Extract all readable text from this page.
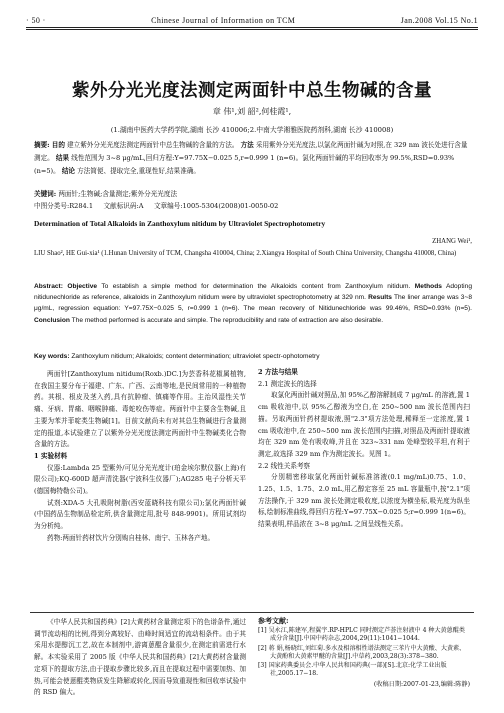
· 50 ·	Chinese Journal of Information on TCM	Jan.2008 Vol.15 No.1
紫外分光光度法测定两面针中总生物碱的含量
章 伟¹,刘 韶²,何桂霞¹,
(1.湖南中医药大学药学院,湖南 长沙 410006;2.中南大学湘雅医院药剂科,湖南 长沙 410008)
摘要: 目的 建立紫外分光光度法测定两面针中总生物碱的含量的方法。 方法 采用紫外分光光度法,以氯化两面针碱为对照,在 329 nm 波长处进行含量测定。 结果 线性范围为 3~8 μg/mL,回归方程:Y=97.75X−0.025 5,r=0.999 1 (n=6)。氯化两面针碱的平均回收率为 99.5%,RSD=0.93%(n=5)。 结论 方法简便、提取完全,重现性好,结果准确。
关键词: 两面针;生物碱;含量测定;紫外分光光度法
中图分类号:R284.1 文献标识码:A 文章编号:1005-5304(2008)01-0050-02
Determination of Total Alkaloids in Zanthoxylum nitidum by Ultraviolet Spectrophotometry
ZHANG Wei¹,
LIU Shao², HE Gui-xia¹ (1.Hunan University of TCM, Changsha 410004, China; 2.Xiangya Hospital of South China University, Changsha 410008, China)
Abstract: Objective To establish a simple method for determination the Alkaloids content from Zanthoxylum nitidum. Methods Adopting nitidunechloride as reference, alkaloids in Zanthoxylum nitidum were by ultraviolet spectrophotometry at 329 nm. Results The liner arrange was 3~8 μg/mL, regression equation: Y=97.75X−0.025 5, r=0.999 1 (n=6). The mean recovery of Nitidunechloride was 99.46%, RSD=0.93% (n=5). Conclusion The method performed is accurate and simple. The reproducibility and rate of extraction are also desirable.
Key words: Zanthoxylum nitidum; Alkaloids; content determination; ultraviolet spectr-ophotometry

两面针[Zanthoxylum nitidum(Roxb.)DC.]为芸香科花椒属植物,在我国主要分布于福建、广东、广西、云南等地,是民间常用的一种植物药。其根、根皮及茎入药,具有抗肿瘤、镇痛等作用。主治风湿性关节痛、牙病、胃痛、咽喉肿痛、毒蛇咬伤等症。两面针中主要含生物碱,且主要为苯并菲啶类生物碱[1]。目前文献尚未有对其总生物碱进行含量测定的报道,本试验建立了以紫外分光光度法测定两面针中生物碱类化合物含量的方法。

1 实验材料

仪器:Lambda 25 型紫外/可见分光光度计(珀金埃尔默仪器(上海)有限公司);KQ-600D 超声清洗器(宁波科生仪器厂);AG285 电子分析天平(德国梅特勒公司)。

试剂:XDA-5 大孔吸附树脂(西安蓝晓科技有限公司);氯化两面针碱(中国药品生物制品检定所,供含量测定用,批号 848-9901)。所用试剂均为分析纯。

药物:两面针药材饮片分别购自桂林、南宁、玉林各产地。

2 方法与结果

2.1 测定波长的选择

取氯化两面针碱对照品,加 95%乙醇溶解制成 7 μg/mL 的溶液,置 1 cm 吸收池中,以 95%乙醇液为空白,在 250~500 nm 波长范围内扫描。另取两面针药材提取液,照"2.3"项方法处理,稀释至一定浓度,置 1 cm 吸收池中,在 250~500 nm 波长范围内扫描,对照品及两面针提取液均在 329 nm 处有吸收峰,并且在 323~331 nm 处峰型较平坦,有利于测定,故选择 329 nm 作为测定波长。见图 1。

2.2 线性关系考察

分别精密移取氯化两面针碱标准溶液(0.1 mg/mL)0.75、1.0、1.25、1.5、1.75、2.0 mL,用乙醇定容至 25 mL 容量瓶中,按"2.1"项方法操作,于 329 nm 波长处测定吸收度,以浓度为横坐标,吸光度为纵坐标,绘制标准曲线,得回归方程:Y=97.75X−0.025 5;r=0.999 1(n=6)。结果表明,样品浓在 3~8 μg/mL 之间呈线性关系。

《中华人民共和国药典》[2]大黄药材含量测定项下的色谱条件,通过调节流动相的比例,得到分离较好、由峰时间适宜的流动相条件。由于其采用水提醇沉工艺,故在本制剂中,游离蒽醌含量很少,在测定前需进行水解。本实验采用了 2005 版《中华人民共和国药典》[2]大黄药材含量测定项下的提取方法,由于提取步骤比较多,而且在提取过程中需要加热、加热,可能会使蒽醌类物质发生降解或转化,因而导致重现性和回收率试验中的 RSD 偏大。

参考文献:

[1] 吴永江,陈建军,程翼宇.RP-HPLC 同时测定芦荟注射液中 4 种大黄蒽醌类成分含量[J].中国中药杂志,2004,29(11):1041−1044.

[2] 蒋 娟,杨晓红,刘红菊.多水及相溶相性谱法测定三苯片中大黄酸、大黄素、大黄酚和大黄素甲醚的含量[J].中草药,2003,28(3):378−380.

[3] 国家药典委员会.中华人民共和国药典(一部)[S].北京:化学工业出版社,2005.17−18.

(收稿日期:2007-01-23,编辑:陈静)
